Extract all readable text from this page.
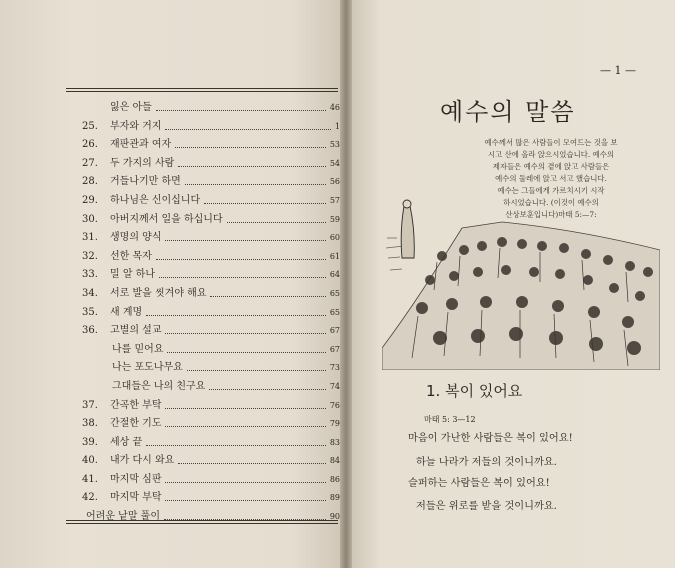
잃은 아들	46
25.	부자와 거지	1
26.	재판관과 여자	53
27.	두 가지의 사람	54
28.	거들나기만 하면	56
29.	하나님은 신이십니다	57
30.	아버지께서 일을 하십니다	59
31.	생명의 양식	60
32.	선한 목자	61
33.	밀 알 하나	64
34.	서로 발을 씻겨야 해요	65
35.	새 계명	65
36.	고별의 설교	67
나를 믿어요	67
나는 포도나무요	73
그대들은 나의 친구요	74
37.	간곡한 부탁	76
38.	간절한 기도	79
39.	세상 끝	83
40.	내가 다시 와요	84
41.	마지막 심판	86
42.	마지막 부탁	89
어려운 낱말 풀이	90
— 1 —
예수의 말씀
예수께서 많은 사람들이 모여드는 것을 보
시고 산에 올라 앉으시었습니다. 예수의
제자들은 예수의 곁에 앉고 사람들은
예수의 둘레에 앉고 서고 했습니다.
예수는 그들에게 가르치시기 시작
하시었습니다. (이것이 예수의
산상보훈입니다)마태 5:—7:
1. 복이 있어요
마태 5: 3—12
마음이 가난한 사람들은 복이 있어요!
하늘 나라가 저들의 것이니까요.
슬퍼하는 사람들은 복이 있어요!
저들은 위로를 받을 것이니까요.
